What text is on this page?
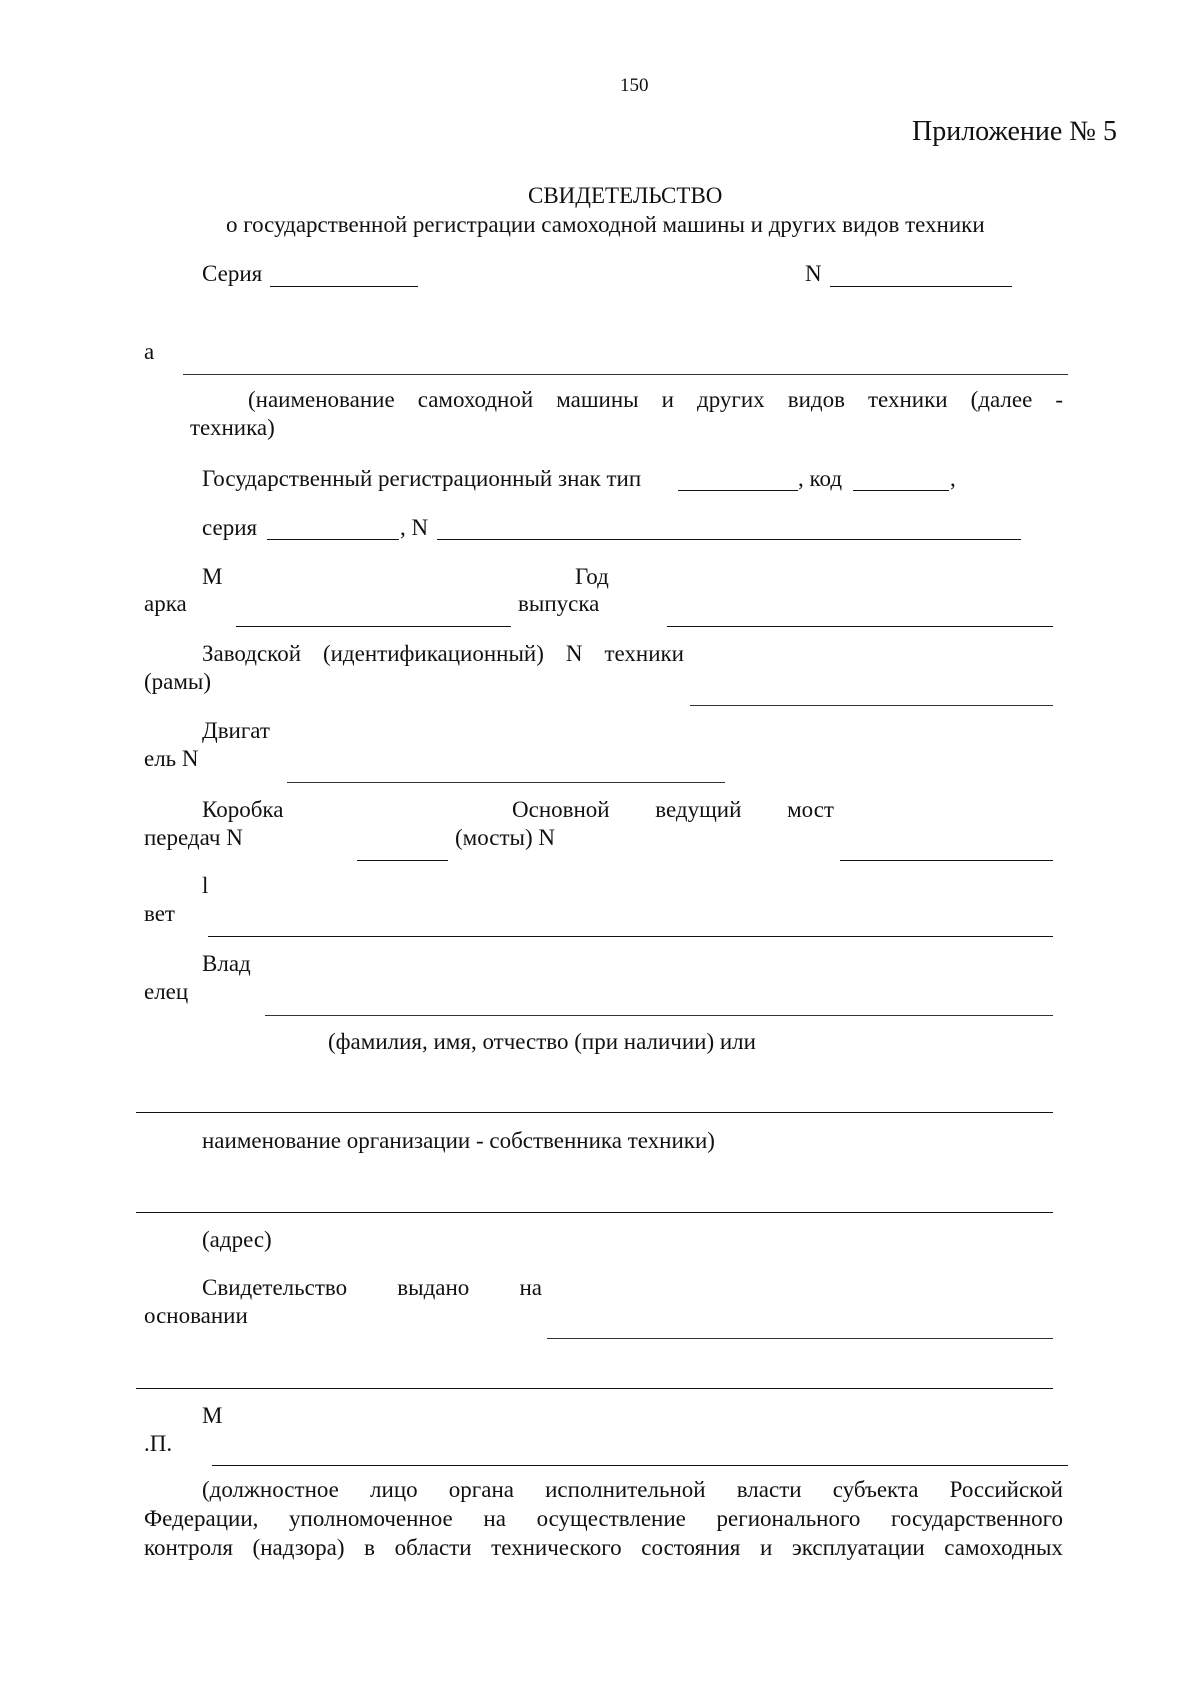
150
Приложение № 5
СВИДЕТЕЛЬСТВО
о государственной регистрации самоходной машины и других видов техники
Серия	N
а
(наименование самоходной машины и других видов техники (далее -
техника)
Государственный регистрационный знак тип	, код	,
серия	, N
М
арка
Год
выпуска
Заводской (идентификационный) N техники
(рамы)
Двигат
ель N
Коробка
передач N
Основной ведущий мост
(мосты) N
l
вет
Влад
елец
(фамилия, имя, отчество (при наличии) или
наименование организации - собственника техники)
(адрес)
Свидетельство выдано на
основании
M
.П.
(должностное лицо органа исполнительной власти субъекта Российской
Федерации, уполномоченное на осуществление регионального государственного
контроля (надзора) в области технического состояния и эксплуатации самоходных
